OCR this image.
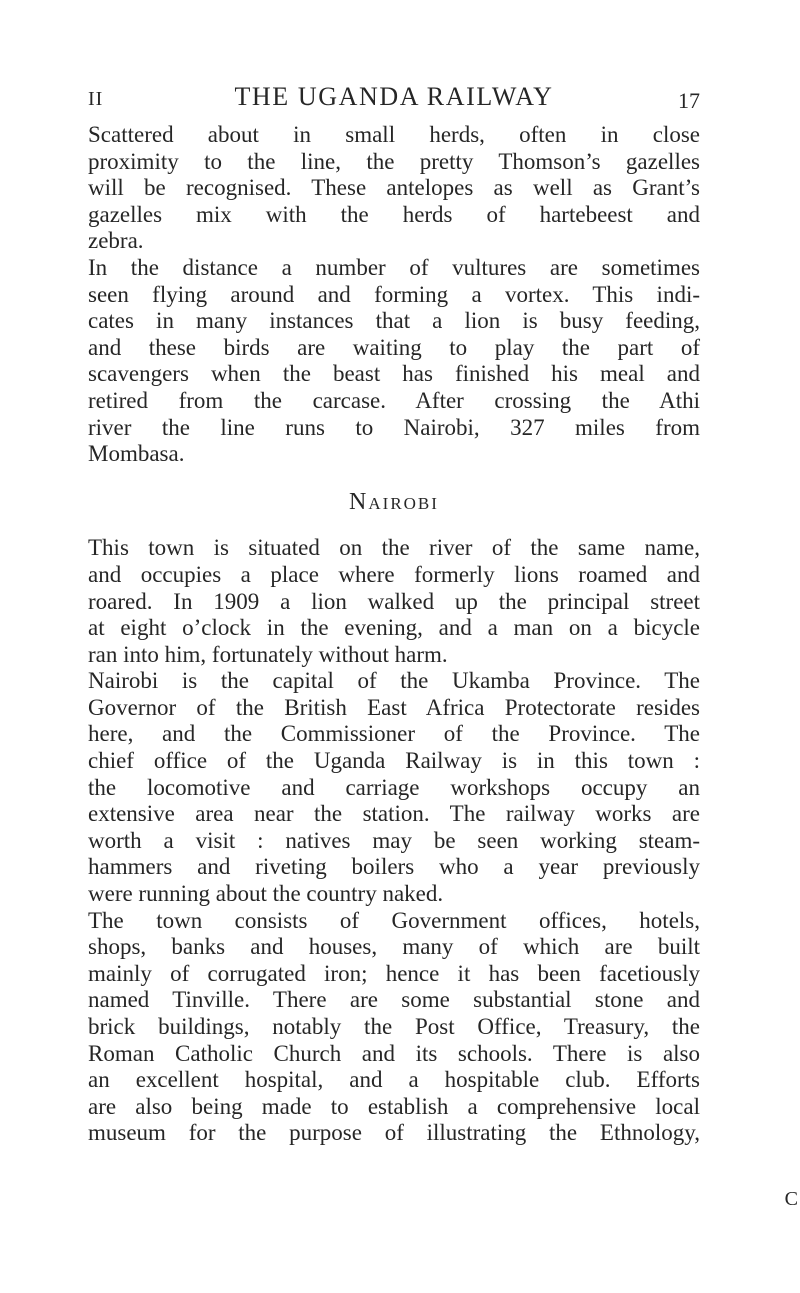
II	THE UGANDA RAILWAY	17

Scattered about in small herds, often in close
proximity to the line, the pretty Thomson’s gazelles
will be recognised. These antelopes as well as Grant’s
gazelles mix with the herds of hartebeest and
zebra.

In the distance a number of vultures are sometimes
seen flying around and forming a vortex. This indi-
cates in many instances that a lion is busy feeding,
and these birds are waiting to play the part of
scavengers when the beast has finished his meal and
retired from the carcase. After crossing the Athi
river the line runs to Nairobi, 327 miles from
Mombasa.

Nairobi

This town is situated on the river of the same name,
and occupies a place where formerly lions roamed and
roared. In 1909 a lion walked up the principal street
at eight o’clock in the evening, and a man on a bicycle
ran into him, fortunately without harm.

Nairobi is the capital of the Ukamba Province. The
Governor of the British East Africa Protectorate resides
here, and the Commissioner of the Province. The
chief office of the Uganda Railway is in this town :
the locomotive and carriage workshops occupy an
extensive area near the station. The railway works are
worth a visit : natives may be seen working steam-
hammers and riveting boilers who a year previously
were running about the country naked.

The town consists of Government offices, hotels,
shops, banks and houses, many of which are built
mainly of corrugated iron; hence it has been facetiously
named Tinville. There are some substantial stone and
brick buildings, notably the Post Office, Treasury, the
Roman Catholic Church and its schools. There is also
an excellent hospital, and a hospitable club. Efforts
are also being made to establish a comprehensive local
museum for the purpose of illustrating the Ethnology,

C
